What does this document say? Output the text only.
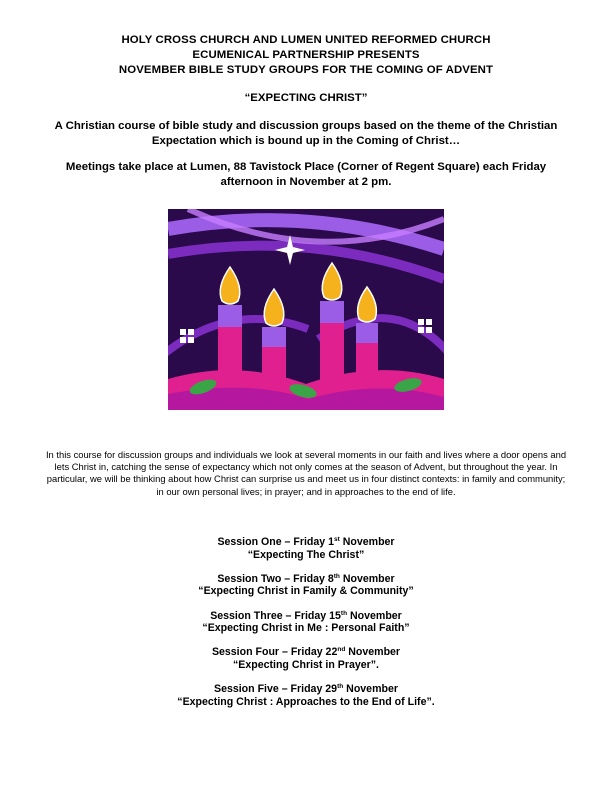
HOLY CROSS CHURCH AND LUMEN UNITED REFORMED CHURCH
ECUMENICAL PARTNERSHIP PRESENTS
NOVEMBER BIBLE STUDY GROUPS FOR THE COMING OF ADVENT
“EXPECTING CHRIST”
A Christian course of bible study and discussion groups based on the theme of the Christian Expectation which is bound up in the Coming of Christ…
Meetings take place at Lumen, 88 Tavistock Place (Corner of Regent Square) each Friday afternoon in November at 2 pm.
In this course for discussion groups and individuals we look at several moments in our faith and lives where a door opens and lets Christ in, catching the sense of expectancy which not only comes at the season of Advent, but throughout the year. In particular, we will be thinking about how Christ can surprise us and meet us in four distinct contexts: in family and community; in our own personal lives; in prayer; and in approaches to the end of life.
Session One – Friday 1st November
“Expecting The Christ”
Session Two – Friday 8th November
“Expecting Christ in Family & Community”
Session Three – Friday 15th November
“Expecting Christ in Me : Personal Faith”
Session Four – Friday 22nd November
“Expecting Christ in Prayer”.
Session Five – Friday 29th November
“Expecting Christ : Approaches to the End of Life”.
